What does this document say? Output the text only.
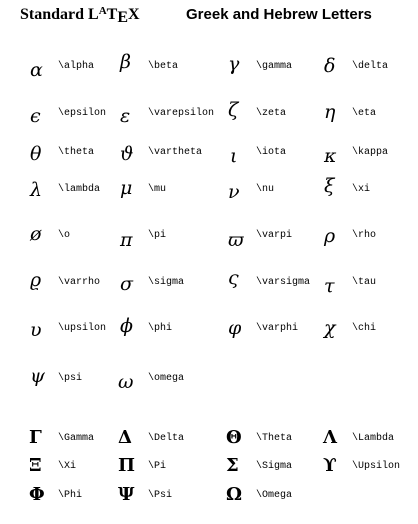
Standard $L^ATEX$	Greek and Hebrew Letters
α \alpha β \beta	γ \gamma δ \delta
ϵ \epsilon ε \varepsilon ζ \zeta η \eta
θ \theta ϑ \vartheta ι \iota κ \kappa
λ \lambda μ \mu	ν \nu	ξ \xi
ø \o	π \pi	ϖ \varpi ρ \rho
ϱ \varrho σ \sigma ς \varsigma τ \tau
υ \upsilon ϕ \phi	φ \varphi χ \chi
ψ \psi ω \omega
Γ \Gamma Δ \Delta Θ \Theta Λ \Lambda
Ξ \Xi Π \Pi	Σ \Sigma ϒ \Upsilon
Φ \Phi Ψ \Psi	Ω \Omega
